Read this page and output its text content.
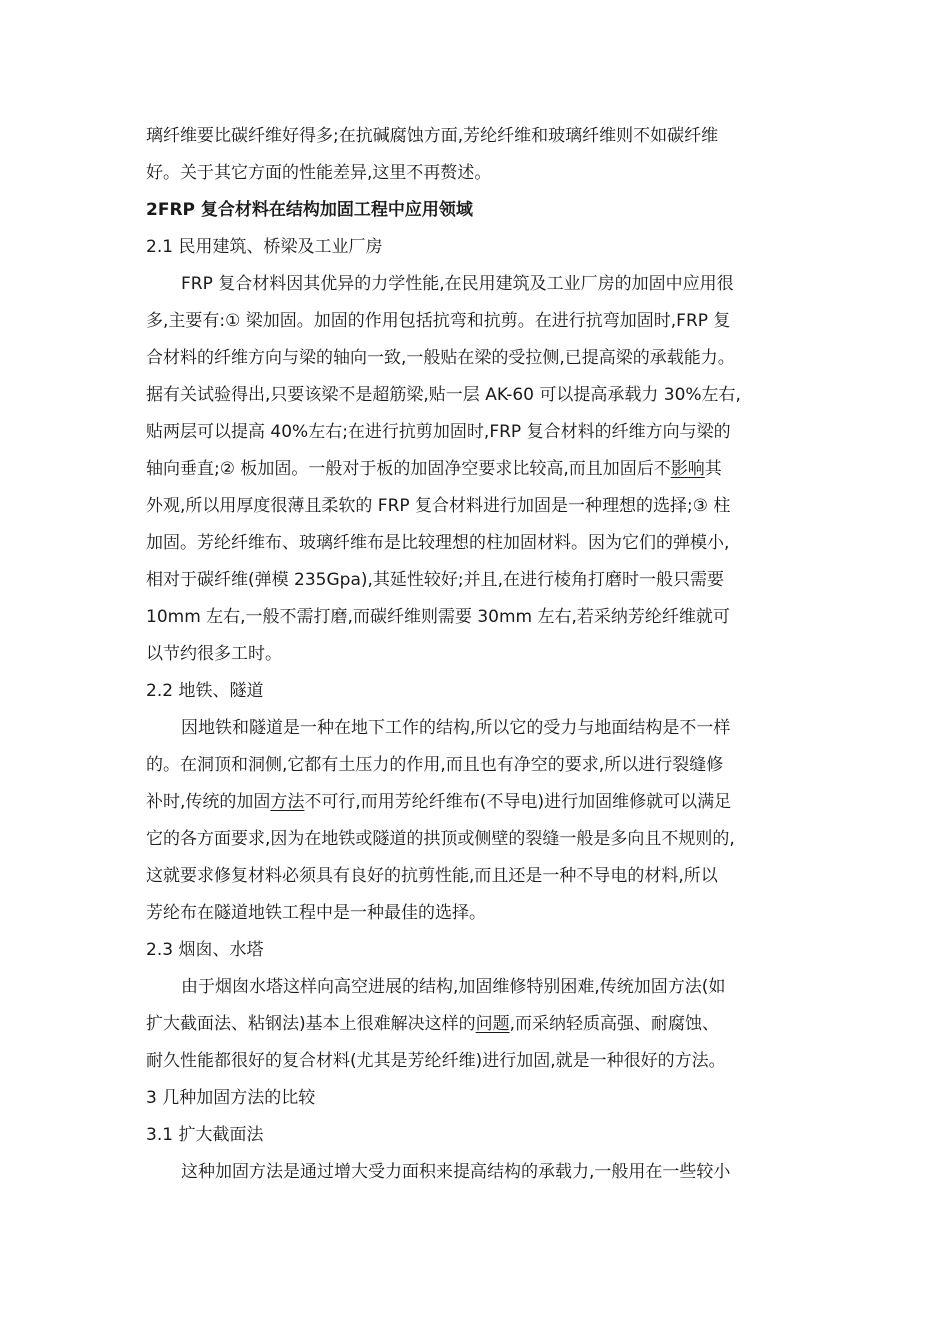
璃纤维要比碳纤维好得多;在抗碱腐蚀方面,芳纶纤维和玻璃纤维则不如碳纤维
好。关于其它方面的性能差异,这里不再赘述。
2FRP 复合材料在结构加固工程中应用领域
2.1 民用建筑、桥梁及工业厂房
FRP 复合材料因其优异的力学性能,在民用建筑及工业厂房的加固中应用很
多,主要有:① 梁加固。加固的作用包括抗弯和抗剪。在进行抗弯加固时,FRP 复
合材料的纤维方向与梁的轴向一致,一般贴在梁的受拉侧,已提高梁的承载能力。
据有关试验得出,只要该梁不是超筋梁,贴一层 AK-60 可以提高承载力 30%左右,
贴两层可以提高 40%左右;在进行抗剪加固时,FRP 复合材料的纤维方向与梁的
轴向垂直;② 板加固。一般对于板的加固净空要求比较高,而且加固后不影响其
外观,所以用厚度很薄且柔软的 FRP 复合材料进行加固是一种理想的选择;③ 柱
加固。芳纶纤维布、玻璃纤维布是比较理想的柱加固材料。因为它们的弹模小,
相对于碳纤维(弹模 235Gpa),其延性较好;并且,在进行棱角打磨时一般只需要
10mm 左右,一般不需打磨,而碳纤维则需要 30mm 左右,若采纳芳纶纤维就可
以节约很多工时。
2.2 地铁、隧道
因地铁和隧道是一种在地下工作的结构,所以它的受力与地面结构是不一样
的。在洞顶和洞侧,它都有土压力的作用,而且也有净空的要求,所以进行裂缝修
补时,传统的加固方法不可行,而用芳纶纤维布(不导电)进行加固维修就可以满足
它的各方面要求,因为在地铁或隧道的拱顶或侧壁的裂缝一般是多向且不规则的,
这就要求修复材料必须具有良好的抗剪性能,而且还是一种不导电的材料,所以
芳纶布在隧道地铁工程中是一种最佳的选择。
2.3 烟囱、水塔
由于烟囱水塔这样向高空进展的结构,加固维修特别困难,传统加固方法(如
扩大截面法、粘钢法)基本上很难解决这样的问题,而采纳轻质高强、耐腐蚀、
耐久性能都很好的复合材料(尤其是芳纶纤维)进行加固,就是一种很好的方法。
3 几种加固方法的比较
3.1 扩大截面法
这种加固方法是通过增大受力面积来提高结构的承载力,一般用在一些较小
